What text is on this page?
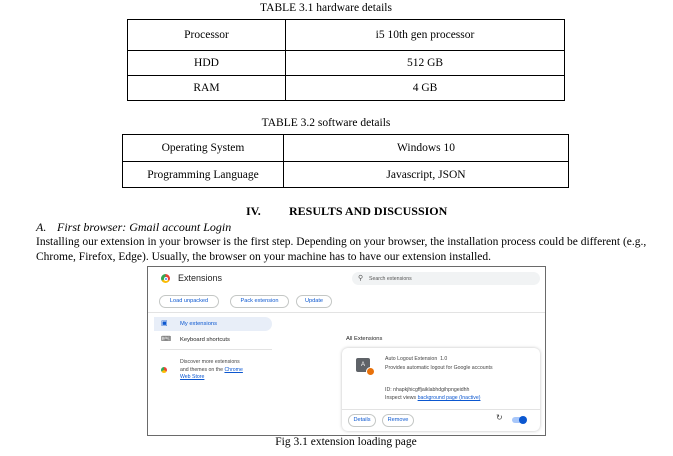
TABLE 3.1 hardware details
Processor	i5 10th gen processor
HDD	512 GB
RAM	4 GB
TABLE 3.2 software details
Operating System	Windows 10
Programming Language	Javascript, JSON
IV. RESULTS AND DISCUSSION
A. First browser: Gmail account Login
Installing our extension in your browser is the first step. Depending on your browser, the installation process could be different (e.g.,
Chrome, Firefox, Edge). Usually, the browser on your machine has to have our extension installed.
Extensions	⚲ Search extensions
Load unpacked	Pack extension	Update
▣ My extensions
⌨ Keyboard shortcuts
Discover more extensions
and themes on the Chrome
Web Store
All Extensions
A
Auto Logout Extension 1.0
Provides automatic logout for Google accounts
ID: nhapkjhicgffjaiklabhdgihpngeidhh
Inspect views background page (Inactive)
Details	Remove	↻
Fig 3.1 extension loading page
